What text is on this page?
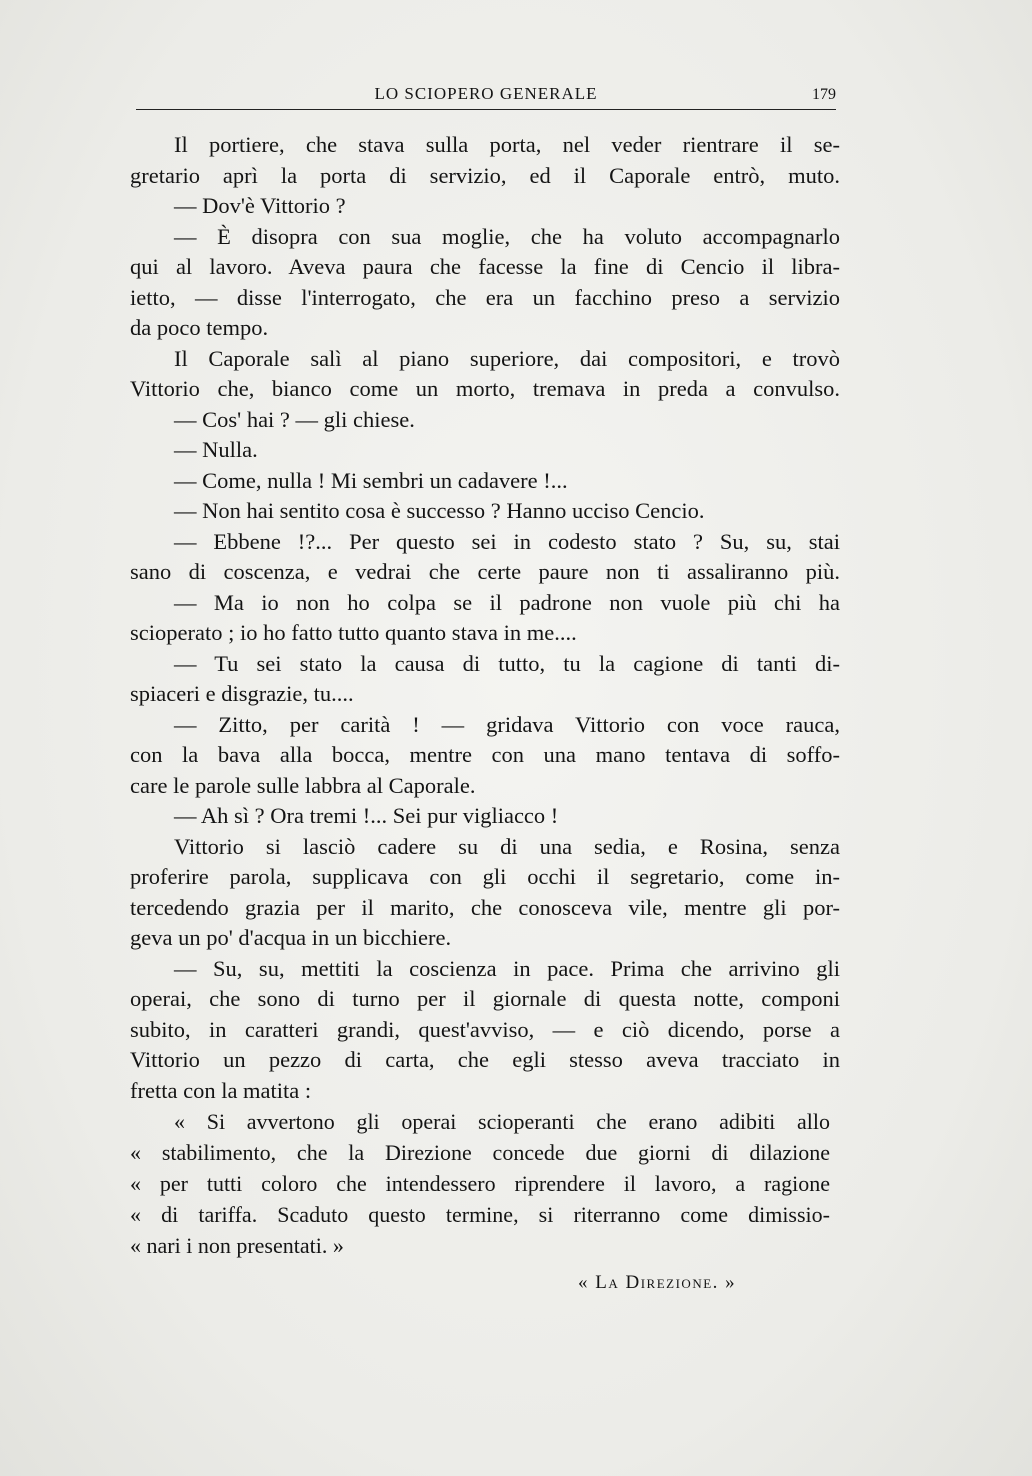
LO SCIOPERO GENERALE	179
Il portiere, che stava sulla porta, nel veder rientrare il se-
gretario aprì la porta di servizio, ed il Caporale entrò, muto.
— Dov'è Vittorio ?
— È disopra con sua moglie, che ha voluto accompagnarlo
qui al lavoro. Aveva paura che facesse la fine di Cencio il libra-
ietto, — disse l'interrogato, che era un facchino preso a servizio
da poco tempo.
Il Caporale salì al piano superiore, dai compositori, e trovò
Vittorio che, bianco come un morto, tremava in preda a convulso.
— Cos' hai ? — gli chiese.
— Nulla.
— Come, nulla ! Mi sembri un cadavere !...
— Non hai sentito cosa è successo ? Hanno ucciso Cencio.
— Ebbene !?... Per questo sei in codesto stato ? Su, su, stai
sano di coscenza, e vedrai che certe paure non ti assaliranno più.
— Ma io non ho colpa se il padrone non vuole più chi ha
scioperato ; io ho fatto tutto quanto stava in me....
— Tu sei stato la causa di tutto, tu la cagione di tanti di-
spiaceri e disgrazie, tu....
— Zitto, per carità ! — gridava Vittorio con voce rauca,
con la bava alla bocca, mentre con una mano tentava di soffo-
care le parole sulle labbra al Caporale.
— Ah sì ? Ora tremi !... Sei pur vigliacco !
Vittorio si lasciò cadere su di una sedia, e Rosina, senza
proferire parola, supplicava con gli occhi il segretario, come in-
tercedendo grazia per il marito, che conosceva vile, mentre gli por-
geva un po' d'acqua in un bicchiere.
— Su, su, mettiti la coscienza in pace. Prima che arrivino gli
operai, che sono di turno per il giornale di questa notte, componi
subito, in caratteri grandi, quest'avviso, — e ciò dicendo, porse a
Vittorio un pezzo di carta, che egli stesso aveva tracciato in
fretta con la matita :
« Si avvertono gli operai scioperanti che erano adibiti allo
« stabilimento, che la Direzione concede due giorni di dilazione
« per tutti coloro che intendessero riprendere il lavoro, a ragione
« di tariffa. Scaduto questo termine, si riterranno come dimissio-
« nari i non presentati. »
« La Direzione. »
